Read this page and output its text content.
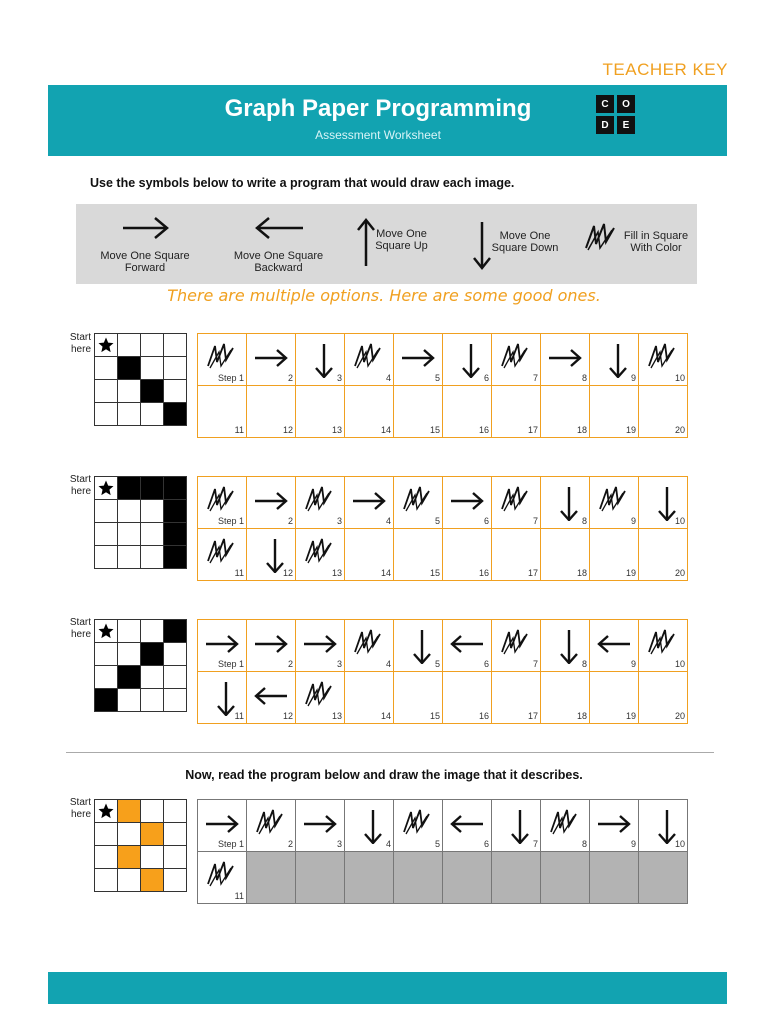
TEACHER KEY
Graph Paper Programming
Assessment Worksheet
C	O
D	E
Use the symbols below to write a program that would draw each image.
Move One Square Forward
Move One Square Backward
Move One Square Up
Move One Square Down
Fill in Square With Color
There are multiple options. Here are some good ones.
Start here
Step 1	2	3	4	5	6	7	8	9	10
11	12	13	14	15	16	17	18	19	20
Start here
Step 1	2	3	4	5	6	7	8	9	10
11	12	13	14	15	16	17	18	19	20
Start here
Step 1	2	3	4	5	6	7	8	9	10
11	12	13	14	15	16	17	18	19	20
Now, read the program below and draw the image that it describes.
Start here
Step 1	2	3	4	5	6	7	8	9	10
11
